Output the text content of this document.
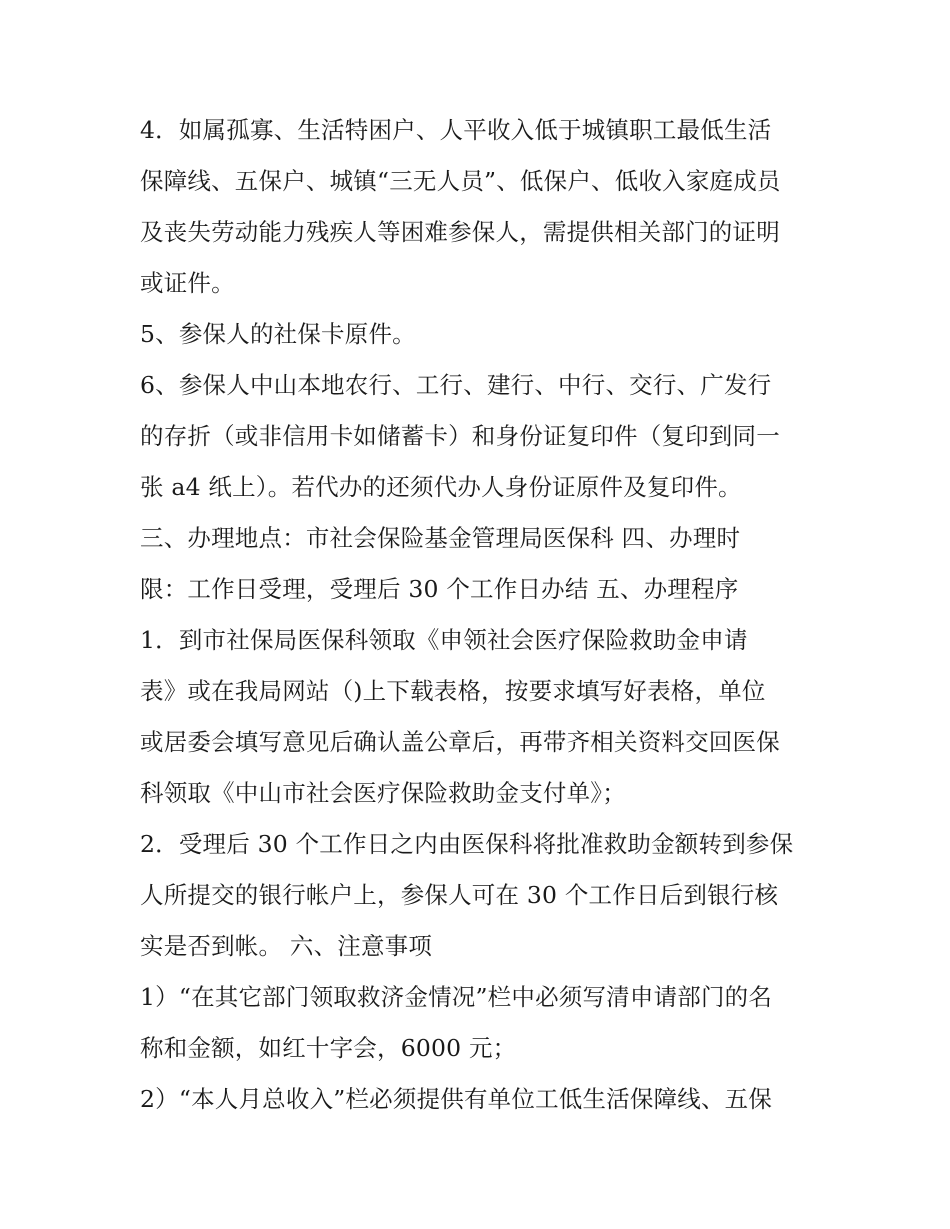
4．如属孤寡、生活特困户、人平收入低于城镇职工最低生活
保障线、五保户、城镇“三无人员”、低保户、低收入家庭成员
及丧失劳动能力残疾人等困难参保人，需提供相关部门的证明
或证件。
5、参保人的社保卡原件。
6、参保人中山本地农行、工行、建行、中行、交行、广发行
的存折（或非信用卡如储蓄卡）和身份证复印件（复印到同一
张 a4 纸上）。若代办的还须代办人身份证原件及复印件。
三、办理地点：市社会保险基金管理局医保科 四、办理时
限：工作日受理，受理后 30 个工作日办结 五、办理程序
1．到市社保局医保科领取《申领社会医疗保险救助金申请
表》或在我局网站（)上下载表格，按要求填写好表格，单位
或居委会填写意见后确认盖公章后，再带齐相关资料交回医保
科领取《中山市社会医疗保险救助金支付单》；
2．受理后 30 个工作日之内由医保科将批准救助金额转到参保
人所提交的银行帐户上，参保人可在 30 个工作日后到银行核
实是否到帐。 六、注意事项
1）“在其它部门领取救济金情况”栏中必须写清申请部门的名
称和金额，如红十字会，6000 元；
2）“本人月总收入”栏必须提供有单位工低生活保障线、五保
